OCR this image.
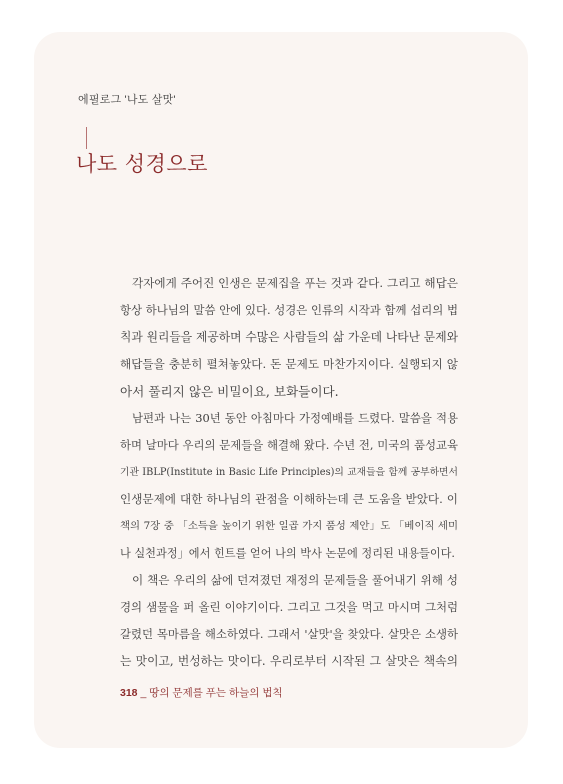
에필로그 '나도 살맛'
나도 성경으로
각자에게 주어진 인생은 문제집을 푸는 것과 같다. 그리고 해답은
항상 하나님의 말씀 안에 있다. 성경은 인류의 시작과 함께 섭리의 법
칙과 원리들을 제공하며 수많은 사람들의 삶 가운데 나타난 문제와
해답들을 충분히 펼쳐놓았다. 돈 문제도 마찬가지이다. 실행되지 않
아서 풀리지 않은 비밀이요, 보화들이다.
남편과 나는 30년 동안 아침마다 가정예배를 드렸다. 말씀을 적용
하며 날마다 우리의 문제들을 해결해 왔다. 수년 전, 미국의 품성교육
기관 IBLP(Institute in Basic Life Principles)의 교재들을 함께 공부하면서
인생문제에 대한 하나님의 관점을 이해하는데 큰 도움을 받았다. 이
책의 7장 중 「소득을 높이기 위한 일곱 가지 품성 제안」도 「베이직 세미
나 실천과정」에서 힌트를 얻어 나의 박사 논문에 정리된 내용들이다.
이 책은 우리의 삶에 던져졌던 재정의 문제들을 풀어내기 위해 성
경의 샘물을 퍼 올린 이야기이다. 그리고 그것을 먹고 마시며 그처럼
갈렸던 목마름을 해소하였다. 그래서 '살맛'을 찾았다. 살맛은 소생하
는 맛이고, 번성하는 맛이다. 우리로부터 시작된 그 살맛은 책속의
318 _ 땅의 문제를 푸는 하늘의 법칙
